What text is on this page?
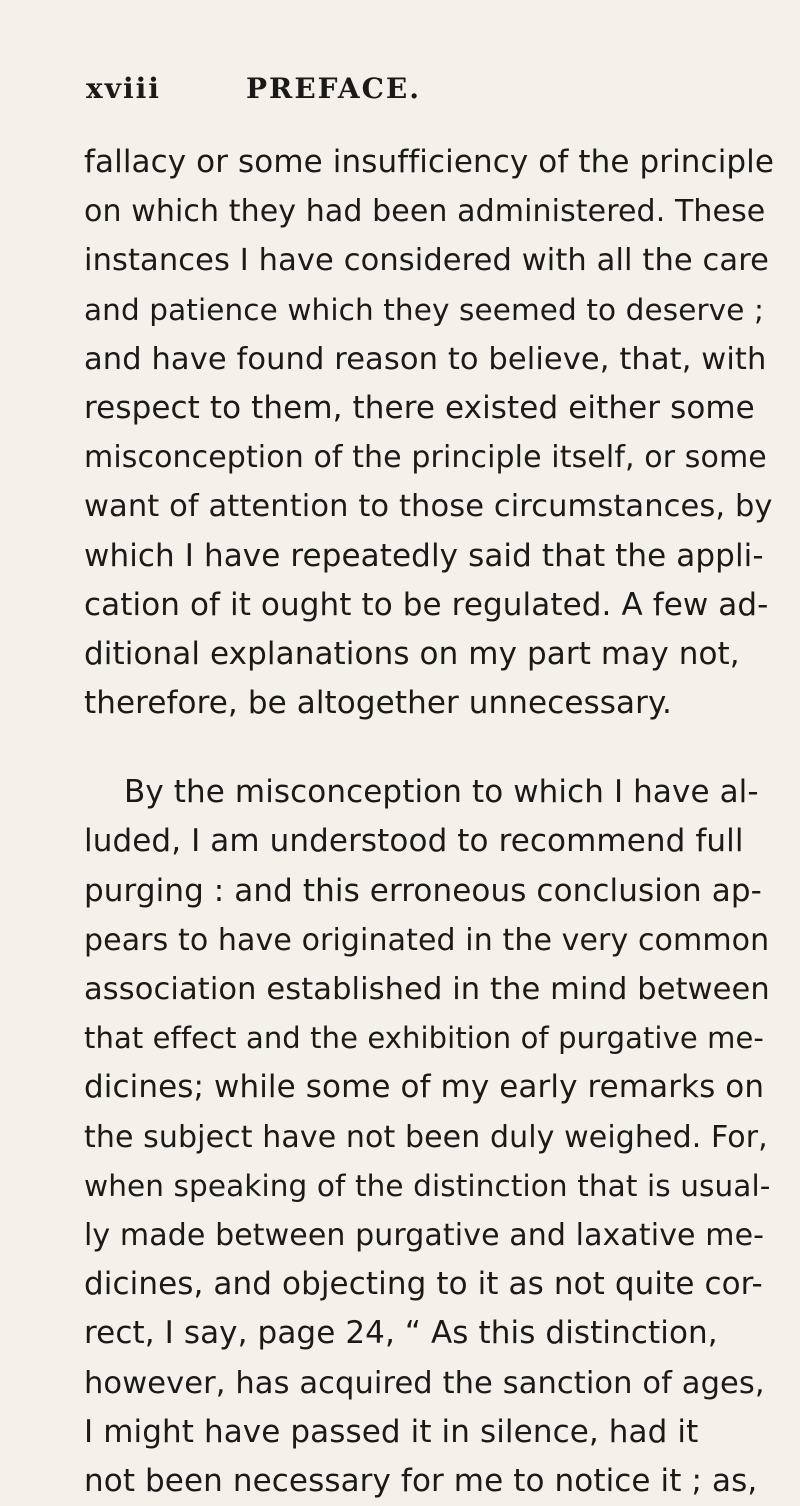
xviii	PREFACE.
fallacy or some insufficiency of the principle
on which they had been administered. These
instances I have considered with all the care
and patience which they seemed to deserve ;
and have found reason to believe, that, with
respect to them, there existed either some
misconception of the principle itself, or some
want of attention to those circumstances, by
which I have repeatedly said that the appli-
cation of it ought to be regulated. A few ad-
ditional explanations on my part may not,
therefore, be altogether unnecessary.
By the misconception to which I have al-
luded, I am understood to recommend full
purging : and this erroneous conclusion ap-
pears to have originated in the very common
association established in the mind between
that effect and the exhibition of purgative me-
dicines; while some of my early remarks on
the subject have not been duly weighed. For,
when speaking of the distinction that is usual-
ly made between purgative and laxative me-
dicines, and objecting to it as not quite cor-
rect, I say, page 24, “ As this distinction,
however, has acquired the sanction of ages,
I might have passed it in silence, had it
not been necessary for me to notice it ; as,
